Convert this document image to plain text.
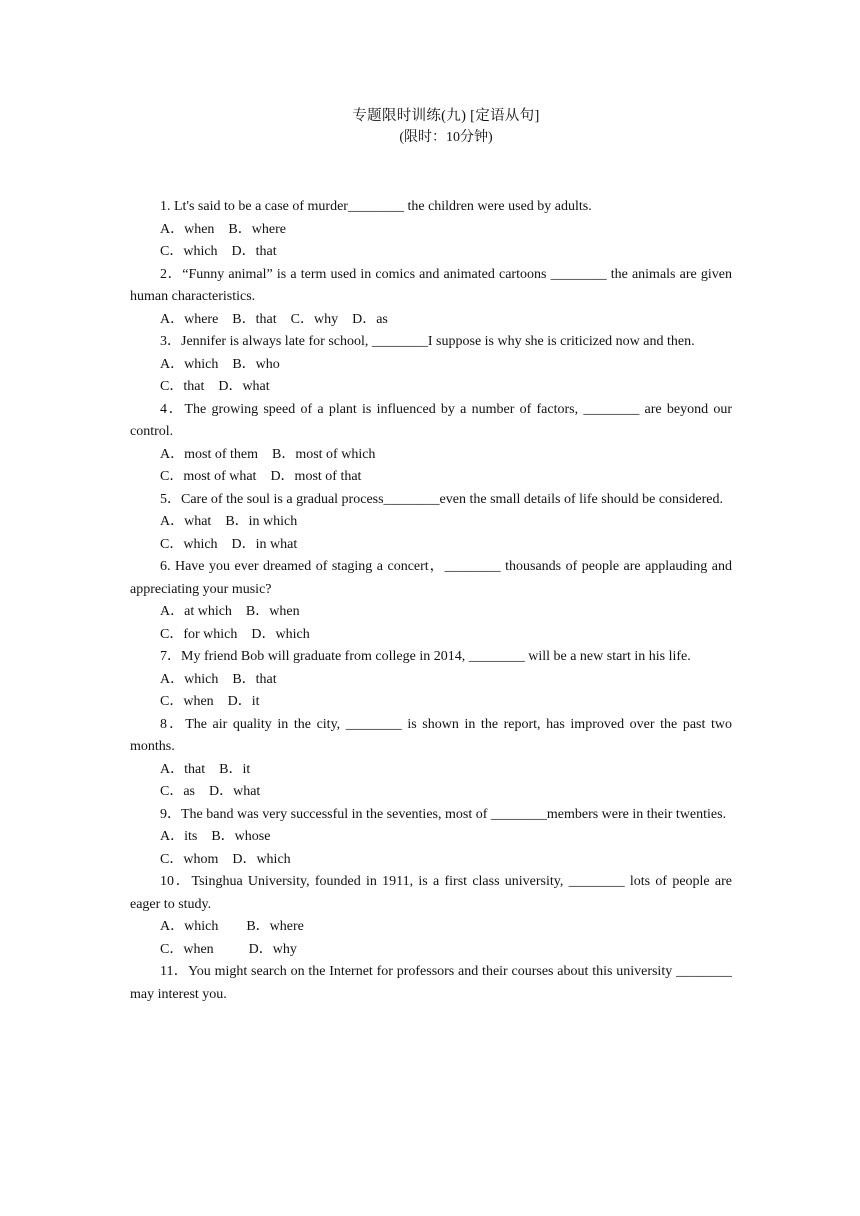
专题限时训练(九) [定语从句]
(限时：10分钟)

1. Lt's said to be a case of murder________ the children were used by adults.

A．when    B．where

C．which    D．that

2．“Funny animal” is a term used in comics and animated cartoons ________ the animals are given human characteristics.

A．where    B．that    C．why    D．as

3．Jennifer is always late for school, ________I suppose is why she is criticized now and then.

A．which    B．who

C．that    D．what

4．The growing speed of a plant is influenced by a number of factors, ________ are beyond our control.

A．most of them    B．most of which

C．most of what    D．most of that

5．Care of the soul is a gradual process________even the small details of life should be considered.

A．what    B．in which

C．which    D．in what

6. Have you ever dreamed of staging a concert，________ thousands of people are applauding and appreciating your music?

A．at which    B．when

C．for which    D．which

7．My friend Bob will graduate from college in 2014, ________ will be a new start in his life.

A．which    B．that

C．when    D．it

8．The air quality in the city, ________ is shown in the report, has improved over the past two months.

A．that    B．it

C．as    D．what

9．The band was very successful in the seventies, most of ________members were in their twenties.

A．its    B．whose

C．whom    D．which

10．Tsinghua University, founded in 1911, is a first class university, ________ lots of people are eager to study.

A．which        B．where

C．when          D．why

11．You might search on the Internet for professors and their courses about this university ________ may interest you.
